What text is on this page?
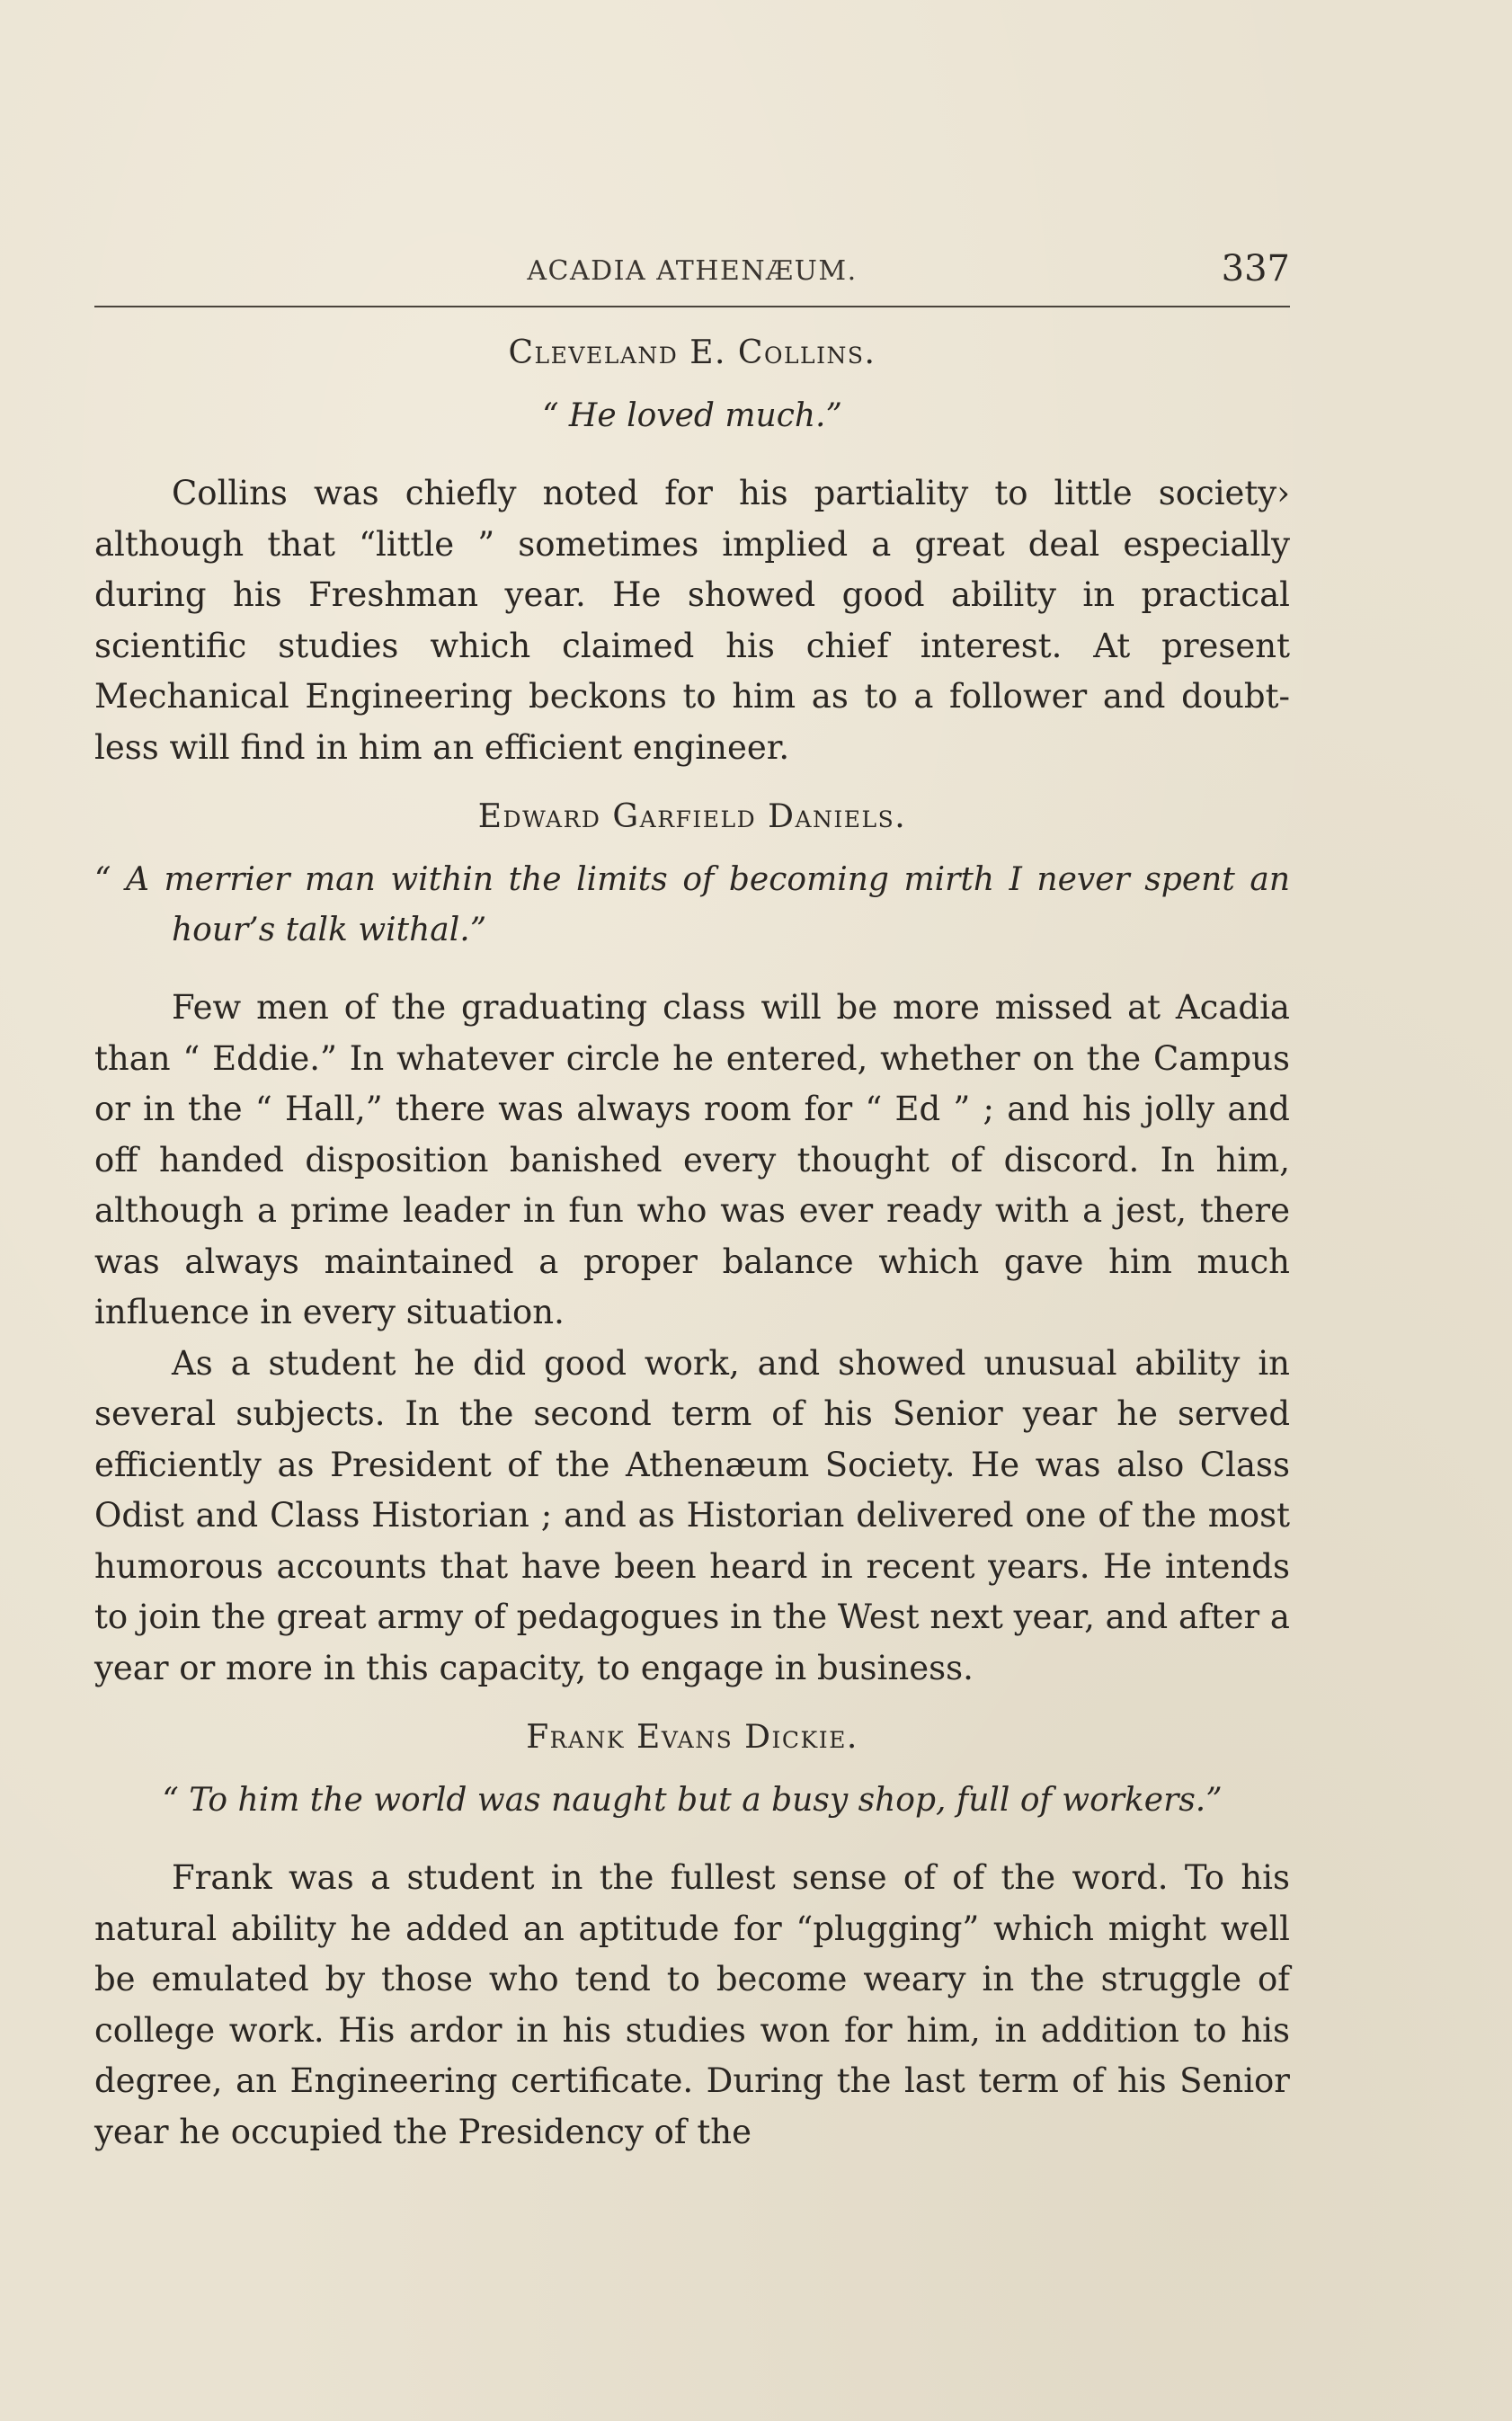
ACADIA ATHENÆUM.	337
Cleveland E. Collins.
“ He loved much.”

Collins was chiefly noted for his partiality to little society› although that “little ” sometimes implied a great deal especially during his Freshman year. He showed good ability in practical scientific studies which claimed his chief interest. At present Mechanical Engineering beckons to him as to a follower and doubt-less will find in him an efficient engineer.

Edward Garfield Daniels.
“ A merrier man within the limits of becoming mirth I never spent an hour’s talk withal.”

Few men of the graduating class will be more missed at Acadia than “ Eddie.” In whatever circle he entered, whether on the Campus or in the “ Hall,” there was always room for “ Ed ” ; and his jolly and off handed disposition banished every thought of discord. In him, although a prime leader in fun who was ever ready with a jest, there was always maintained a proper balance which gave him much influence in every situation.

As a student he did good work, and showed unusual ability in several subjects. In the second term of his Senior year he served efficiently as President of the Athenæum Society. He was also Class Odist and Class Historian ; and as Historian delivered one of the most humorous accounts that have been heard in recent years. He intends to join the great army of pedagogues in the West next year, and after a year or more in this capacity, to engage in business.

Frank Evans Dickie.
“ To him the world was naught but a busy shop, full of workers.”

Frank was a student in the fullest sense of of the word. To his natural ability he added an aptitude for “plugging” which might well be emulated by those who tend to become weary in the struggle of college work. His ardor in his studies won for him, in addition to his degree, an Engineering certificate. During the last term of his Senior year he occupied the Presidency of the
